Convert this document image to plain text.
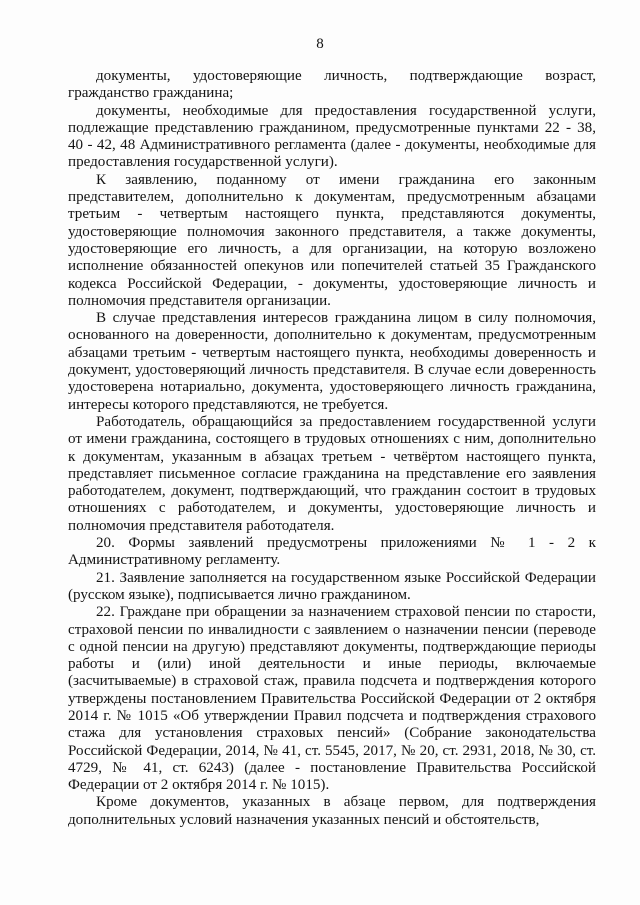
8

документы, удостоверяющие личность, подтверждающие возраст, гражданство гражданина;

документы, необходимые для предоставления государственной услуги, подлежащие представлению гражданином, предусмотренные пунктами 22 - 38, 40 - 42, 48 Административного регламента (далее - документы, необходимые для предоставления государственной услуги).

К заявлению, поданному от имени гражданина его законным представителем, дополнительно к документам, предусмотренным абзацами третьим - четвертым настоящего пункта, представляются документы, удостоверяющие полномочия законного представителя, а также документы, удостоверяющие его личность, а для организации, на которую возложено исполнение обязанностей опекунов или попечителей статьей 35 Гражданского кодекса Российской Федерации, - документы, удостоверяющие личность и полномочия представителя организации.

В случае представления интересов гражданина лицом в силу полномочия, основанного на доверенности, дополнительно к документам, предусмотренным абзацами третьим - четвертым настоящего пункта, необходимы доверенность и документ, удостоверяющий личность представителя. В случае если доверенность удостоверена нотариально, документа, удостоверяющего личность гражданина, интересы которого представляются, не требуется.

Работодатель, обращающийся за предоставлением государственной услуги от имени гражданина, состоящего в трудовых отношениях с ним, дополнительно к документам, указанным в абзацах третьем - четвёртом настоящего пункта, представляет письменное согласие гражданина на представление его заявления работодателем, документ, подтверждающий, что гражданин состоит в трудовых отношениях с работодателем, и документы, удостоверяющие личность и полномочия представителя работодателя.

20. Формы заявлений предусмотрены приложениями № 1 - 2 к Административному регламенту.

21. Заявление заполняется на государственном языке Российской Федерации (русском языке), подписывается лично гражданином.

22. Граждане при обращении за назначением страховой пенсии по старости, страховой пенсии по инвалидности с заявлением о назначении пенсии (переводе с одной пенсии на другую) представляют документы, подтверждающие периоды работы и (или) иной деятельности и иные периоды, включаемые (засчитываемые) в страховой стаж, правила подсчета и подтверждения которого утверждены постановлением Правительства Российской Федерации от 2 октября 2014 г. № 1015 «Об утверждении Правил подсчета и подтверждения страхового стажа для установления страховых пенсий» (Собрание законодательства Российской Федерации, 2014, № 41, ст. 5545, 2017, № 20, ст. 2931, 2018, № 30, ст. 4729, № 41, ст. 6243) (далее - постановление Правительства Российской Федерации от 2 октября 2014 г. № 1015).

Кроме документов, указанных в абзаце первом, для подтверждения дополнительных условий назначения указанных пенсий и обстоятельств,
